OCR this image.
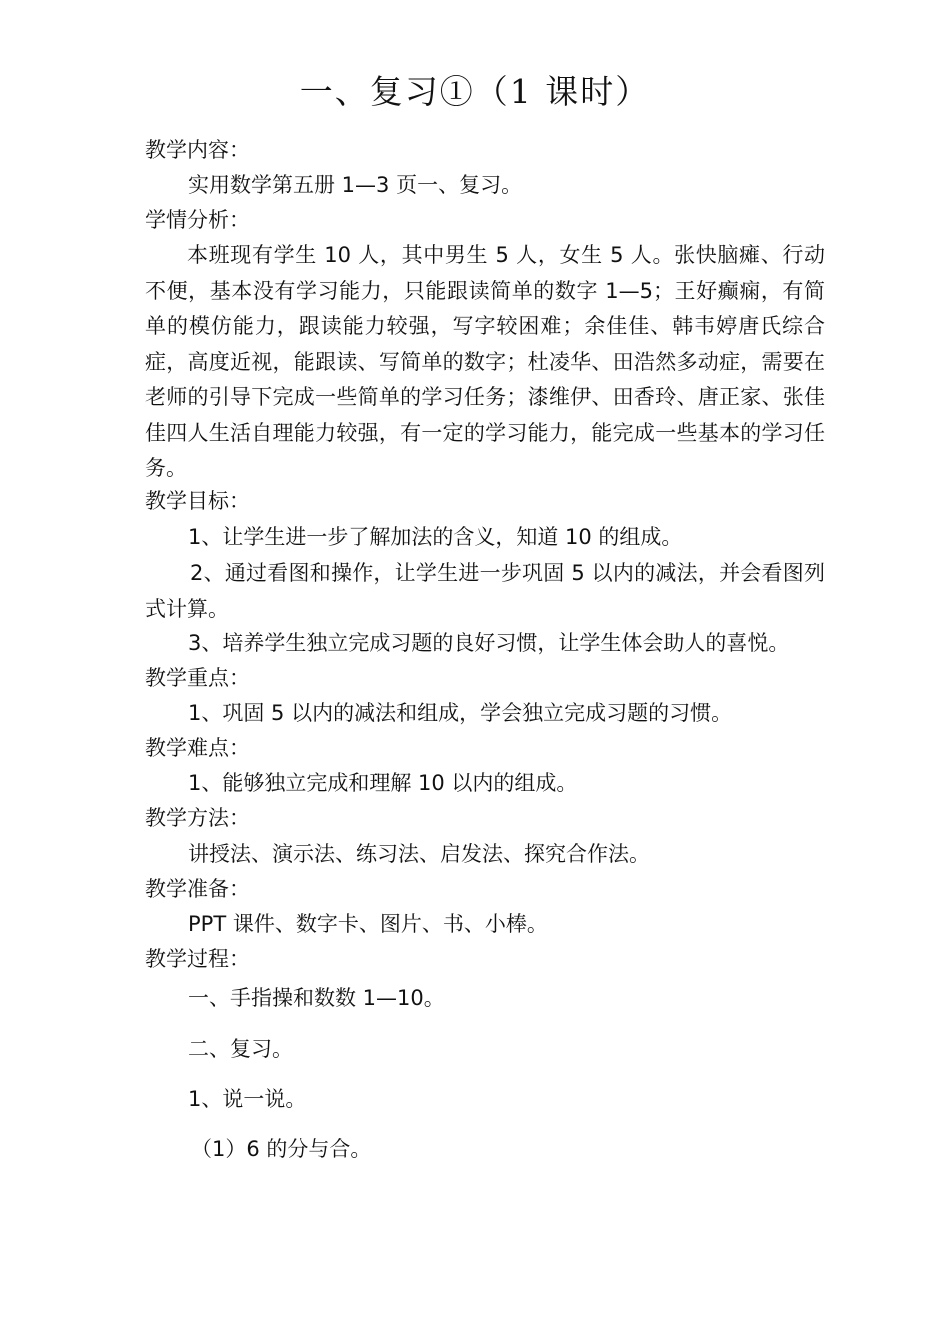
一、复习①（1 课时）
教学内容：
实用数学第五册 1—3 页一、复习。
学情分析：
本班现有学生 10 人，其中男生 5 人，女生 5 人。张快脑瘫、行动不便，基本没有学习能力，只能跟读简单的数字 1—5；王好癫痫，有简单的模仿能力，跟读能力较强，写字较困难；余佳佳、韩韦婷唐氏综合症，高度近视，能跟读、写简单的数字；杜凌华、田浩然多动症，需要在老师的引导下完成一些简单的学习任务；漆维伊、田香玲、唐正家、张佳佳四人生活自理能力较强，有一定的学习能力，能完成一些基本的学习任务。
教学目标：
1、让学生进一步了解加法的含义，知道 10 的组成。
2、通过看图和操作，让学生进一步巩固 5 以内的减法，并会看图列式计算。
3、培养学生独立完成习题的良好习惯，让学生体会助人的喜悦。
教学重点：
1、巩固 5 以内的减法和组成，学会独立完成习题的习惯。
教学难点：
1、能够独立完成和理解 10 以内的组成。
教学方法：
讲授法、演示法、练习法、启发法、探究合作法。
教学准备：
PPT 课件、数字卡、图片、书、小棒。
教学过程：
一、手指操和数数 1—10。
二、复习。
1、说一说。
（1）6 的分与合。
